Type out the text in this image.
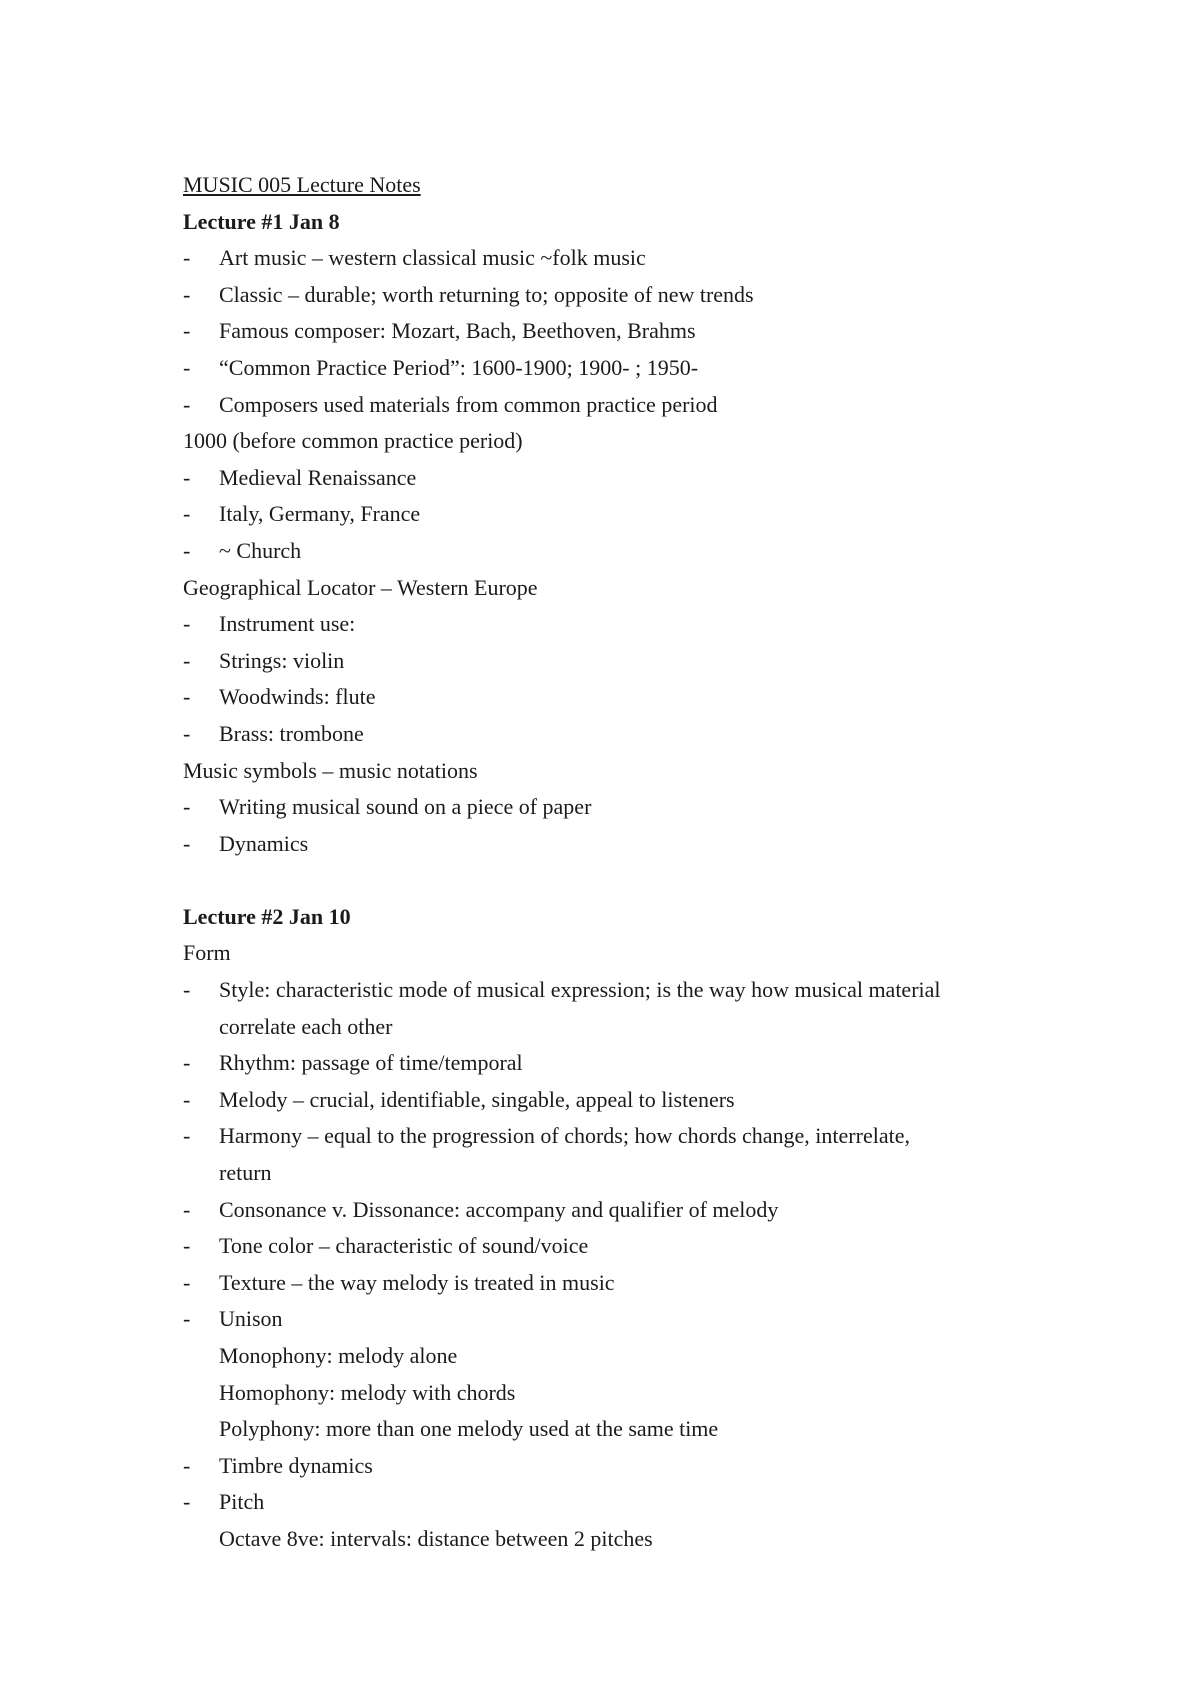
MUSIC 005 Lecture Notes
Lecture #1 Jan 8
- Art music – western classical music ~folk music
- Classic – durable; worth returning to; opposite of new trends
- Famous composer: Mozart, Bach, Beethoven, Brahms
- “Common Practice Period”: 1600-1900; 1900- ; 1950-
- Composers used materials from common practice period
1000 (before common practice period)
- Medieval Renaissance
- Italy, Germany, France
- ~ Church
Geographical Locator – Western Europe
- Instrument use:
- Strings: violin
- Woodwinds: flute
- Brass: trombone
Music symbols – music notations
- Writing musical sound on a piece of paper
- Dynamics
Lecture #2 Jan 10
Form
- Style: characteristic mode of musical expression; is the way how musical material
correlate each other
- Rhythm: passage of time/temporal
- Melody – crucial, identifiable, singable, appeal to listeners
- Harmony – equal to the progression of chords; how chords change, interrelate,
return
- Consonance v. Dissonance: accompany and qualifier of melody
- Tone color – characteristic of sound/voice
- Texture – the way melody is treated in music
- Unison
Monophony: melody alone
Homophony: melody with chords
Polyphony: more than one melody used at the same time
- Timbre dynamics
- Pitch
Octave 8ve: intervals: distance between 2 pitches
